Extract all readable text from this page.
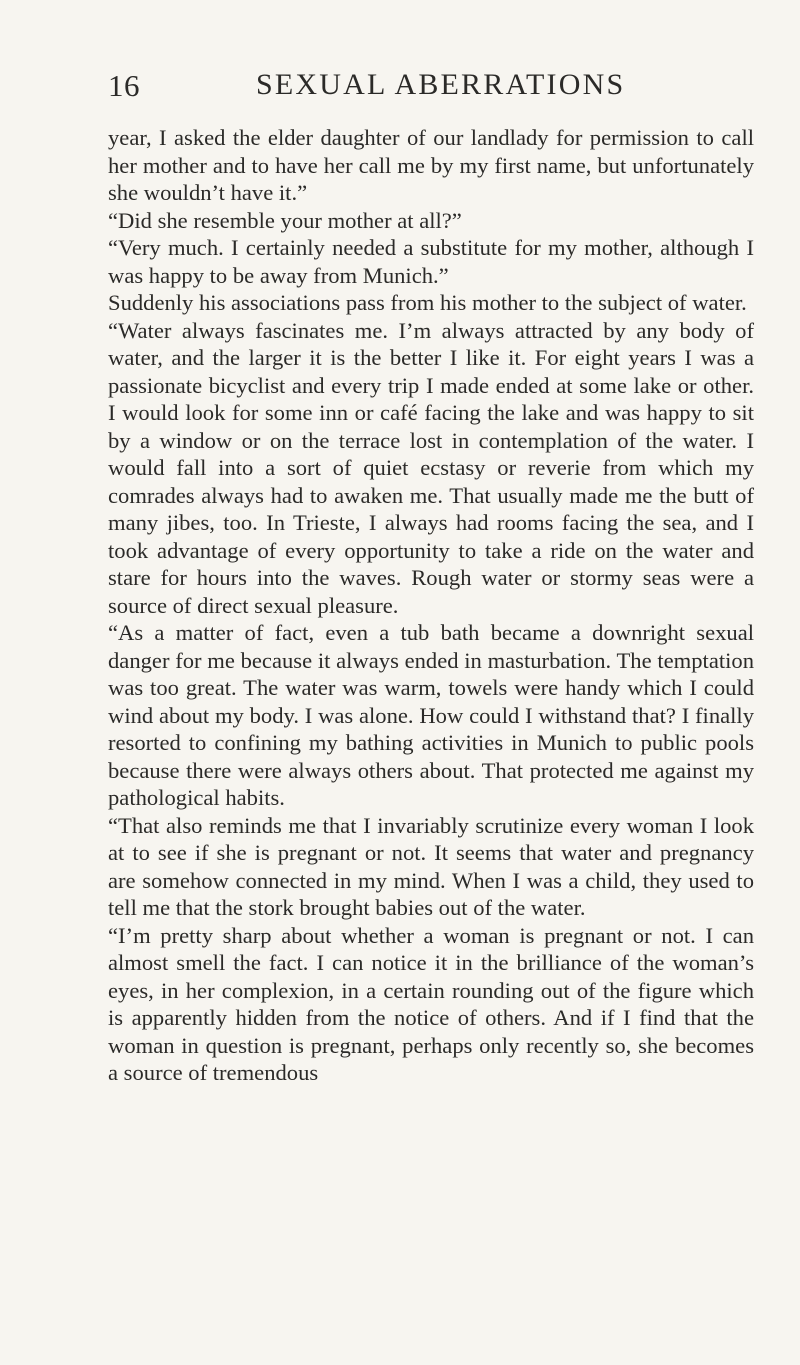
16	SEXUAL ABERRATIONS

year, I asked the elder daughter of our landlady for permission to call her mother and to have her call me by my first name, but unfortunately she wouldn’t have it.”

“Did she resemble your mother at all?”

“Very much. I certainly needed a substitute for my mother, although I was happy to be away from Munich.”

Suddenly his associations pass from his mother to the subject of water.

“Water always fascinates me. I’m always attracted by any body of water, and the larger it is the better I like it. For eight years I was a passionate bicyclist and every trip I made ended at some lake or other. I would look for some inn or café facing the lake and was happy to sit by a window or on the terrace lost in contemplation of the water. I would fall into a sort of quiet ecstasy or reverie from which my comrades always had to awaken me. That usually made me the butt of many jibes, too. In Trieste, I always had rooms facing the sea, and I took advantage of every opportunity to take a ride on the water and stare for hours into the waves. Rough water or stormy seas were a source of direct sexual pleasure.

“As a matter of fact, even a tub bath became a downright sexual danger for me because it always ended in masturbation. The temptation was too great. The water was warm, towels were handy which I could wind about my body. I was alone. How could I withstand that? I finally resorted to confining my bathing activities in Munich to public pools because there were always others about. That protected me against my pathological habits.

“That also reminds me that I invariably scrutinize every woman I look at to see if she is pregnant or not. It seems that water and pregnancy are somehow connected in my mind. When I was a child, they used to tell me that the stork brought babies out of the water.

“I’m pretty sharp about whether a woman is pregnant or not. I can almost smell the fact. I can notice it in the brilliance of the woman’s eyes, in her complexion, in a certain rounding out of the figure which is apparently hidden from the notice of others. And if I find that the woman in question is pregnant, perhaps only recently so, she becomes a source of tremendous
